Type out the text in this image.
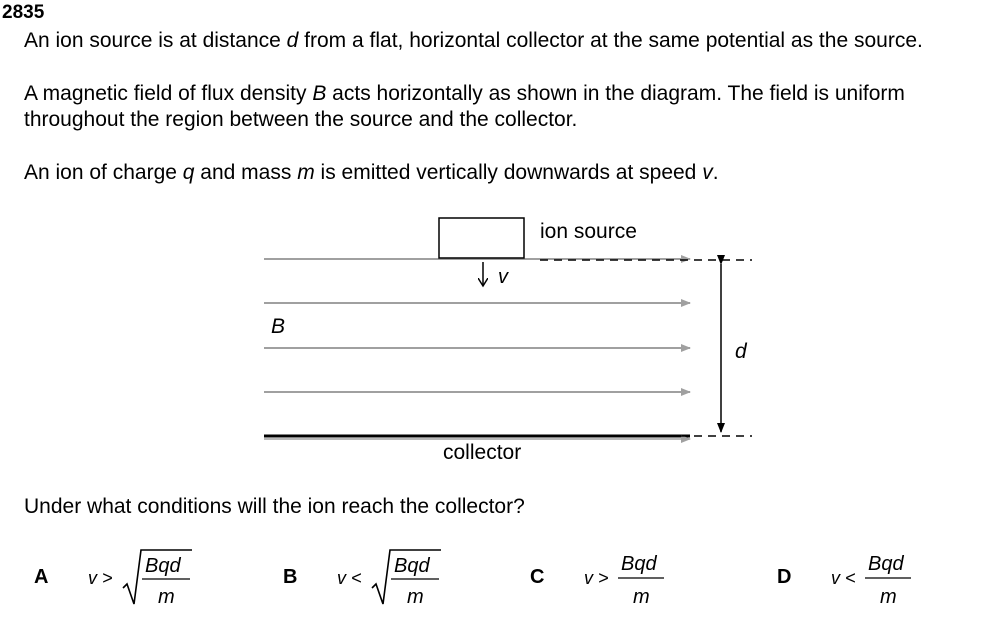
2835
An ion source is at distance d from a flat, horizontal collector at the same potential as the source.
A magnetic field of flux density B acts horizontally as shown in the diagram. The field is uniform
throughout the region between the source and the collector.
An ion of charge q and mass m is emitted vertically downwards at speed v.
ion source
v
B
d
collector
Under what conditions will the ion reach the collector?
A v >
Bqd
m
B v <
Bqd
m
C v >
Bqd
m
D v <
Bqd
m
